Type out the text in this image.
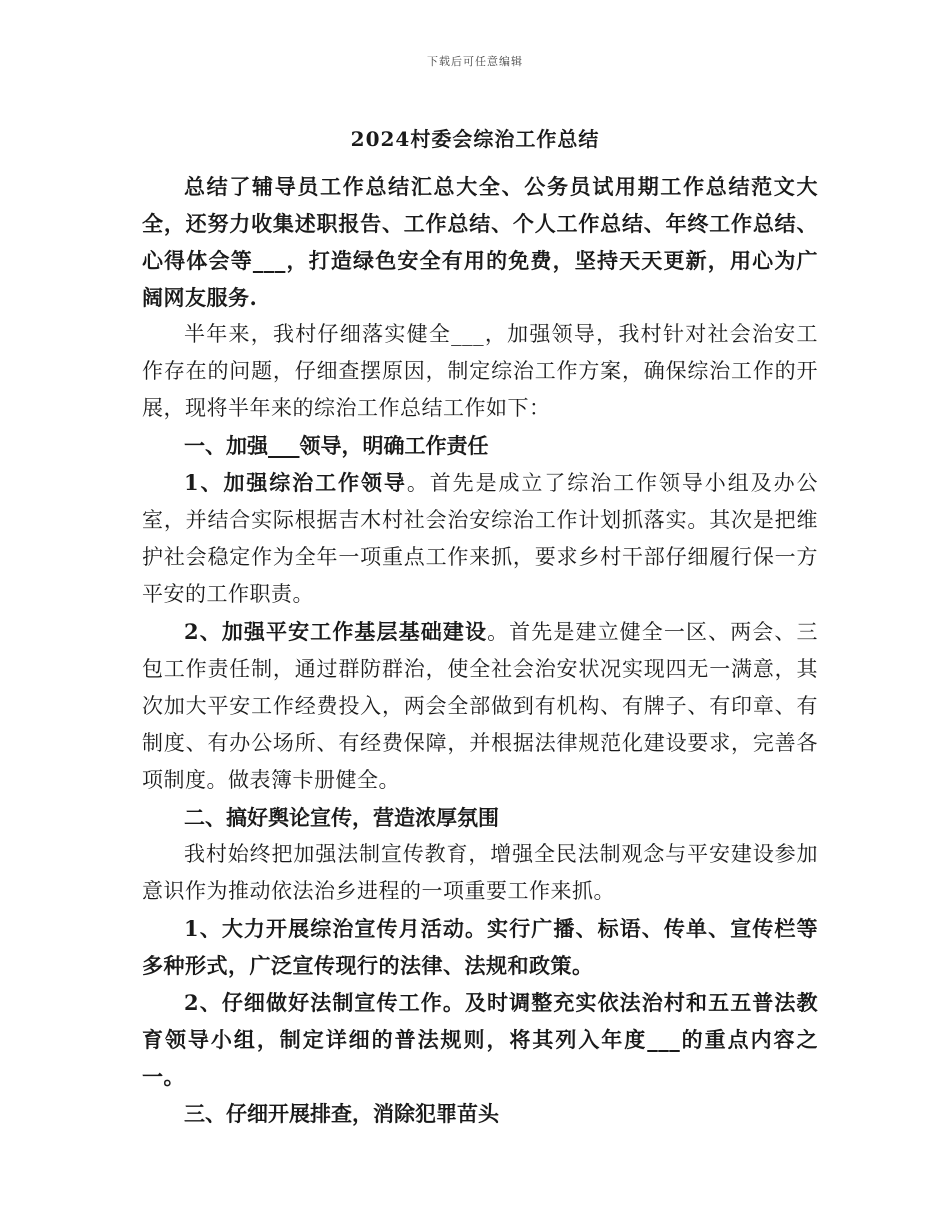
下载后可任意编辑
2024村委会综治工作总结

总结了辅导员工作总结汇总大全、公务员试用期工作总结范文大全，还努力收集述职报告、工作总结、个人工作总结、年终工作总结、心得体会等___，打造绿色安全有用的免费，坚持天天更新，用心为广阔网友服务.

半年来，我村仔细落实健全___，加强领导，我村针对社会治安工作存在的问题，仔细查摆原因，制定综治工作方案，确保综治工作的开展，现将半年来的综治工作总结工作如下：

一、加强___领导，明确工作责任

1、加强综治工作领导。首先是成立了综治工作领导小组及办公室，并结合实际根据吉木村社会治安综治工作计划抓落实。其次是把维护社会稳定作为全年一项重点工作来抓，要求乡村干部仔细履行保一方平安的工作职责。

2、加强平安工作基层基础建设。首先是建立健全一区、两会、三包工作责任制，通过群防群治，使全社会治安状况实现四无一满意，其次加大平安工作经费投入，两会全部做到有机构、有牌子、有印章、有制度、有办公场所、有经费保障，并根据法律规范化建设要求，完善各项制度。做表簿卡册健全。

二、搞好舆论宣传，营造浓厚氛围

我村始终把加强法制宣传教育，增强全民法制观念与平安建设参加意识作为推动依法治乡进程的一项重要工作来抓。

1、大力开展综治宣传月活动。实行广播、标语、传单、宣传栏等多种形式，广泛宣传现行的法律、法规和政策。

2、仔细做好法制宣传工作。及时调整充实依法治村和五五普法教育领导小组，制定详细的普法规则，将其列入年度___的重点内容之一。

三、仔细开展排查，消除犯罪苗头
